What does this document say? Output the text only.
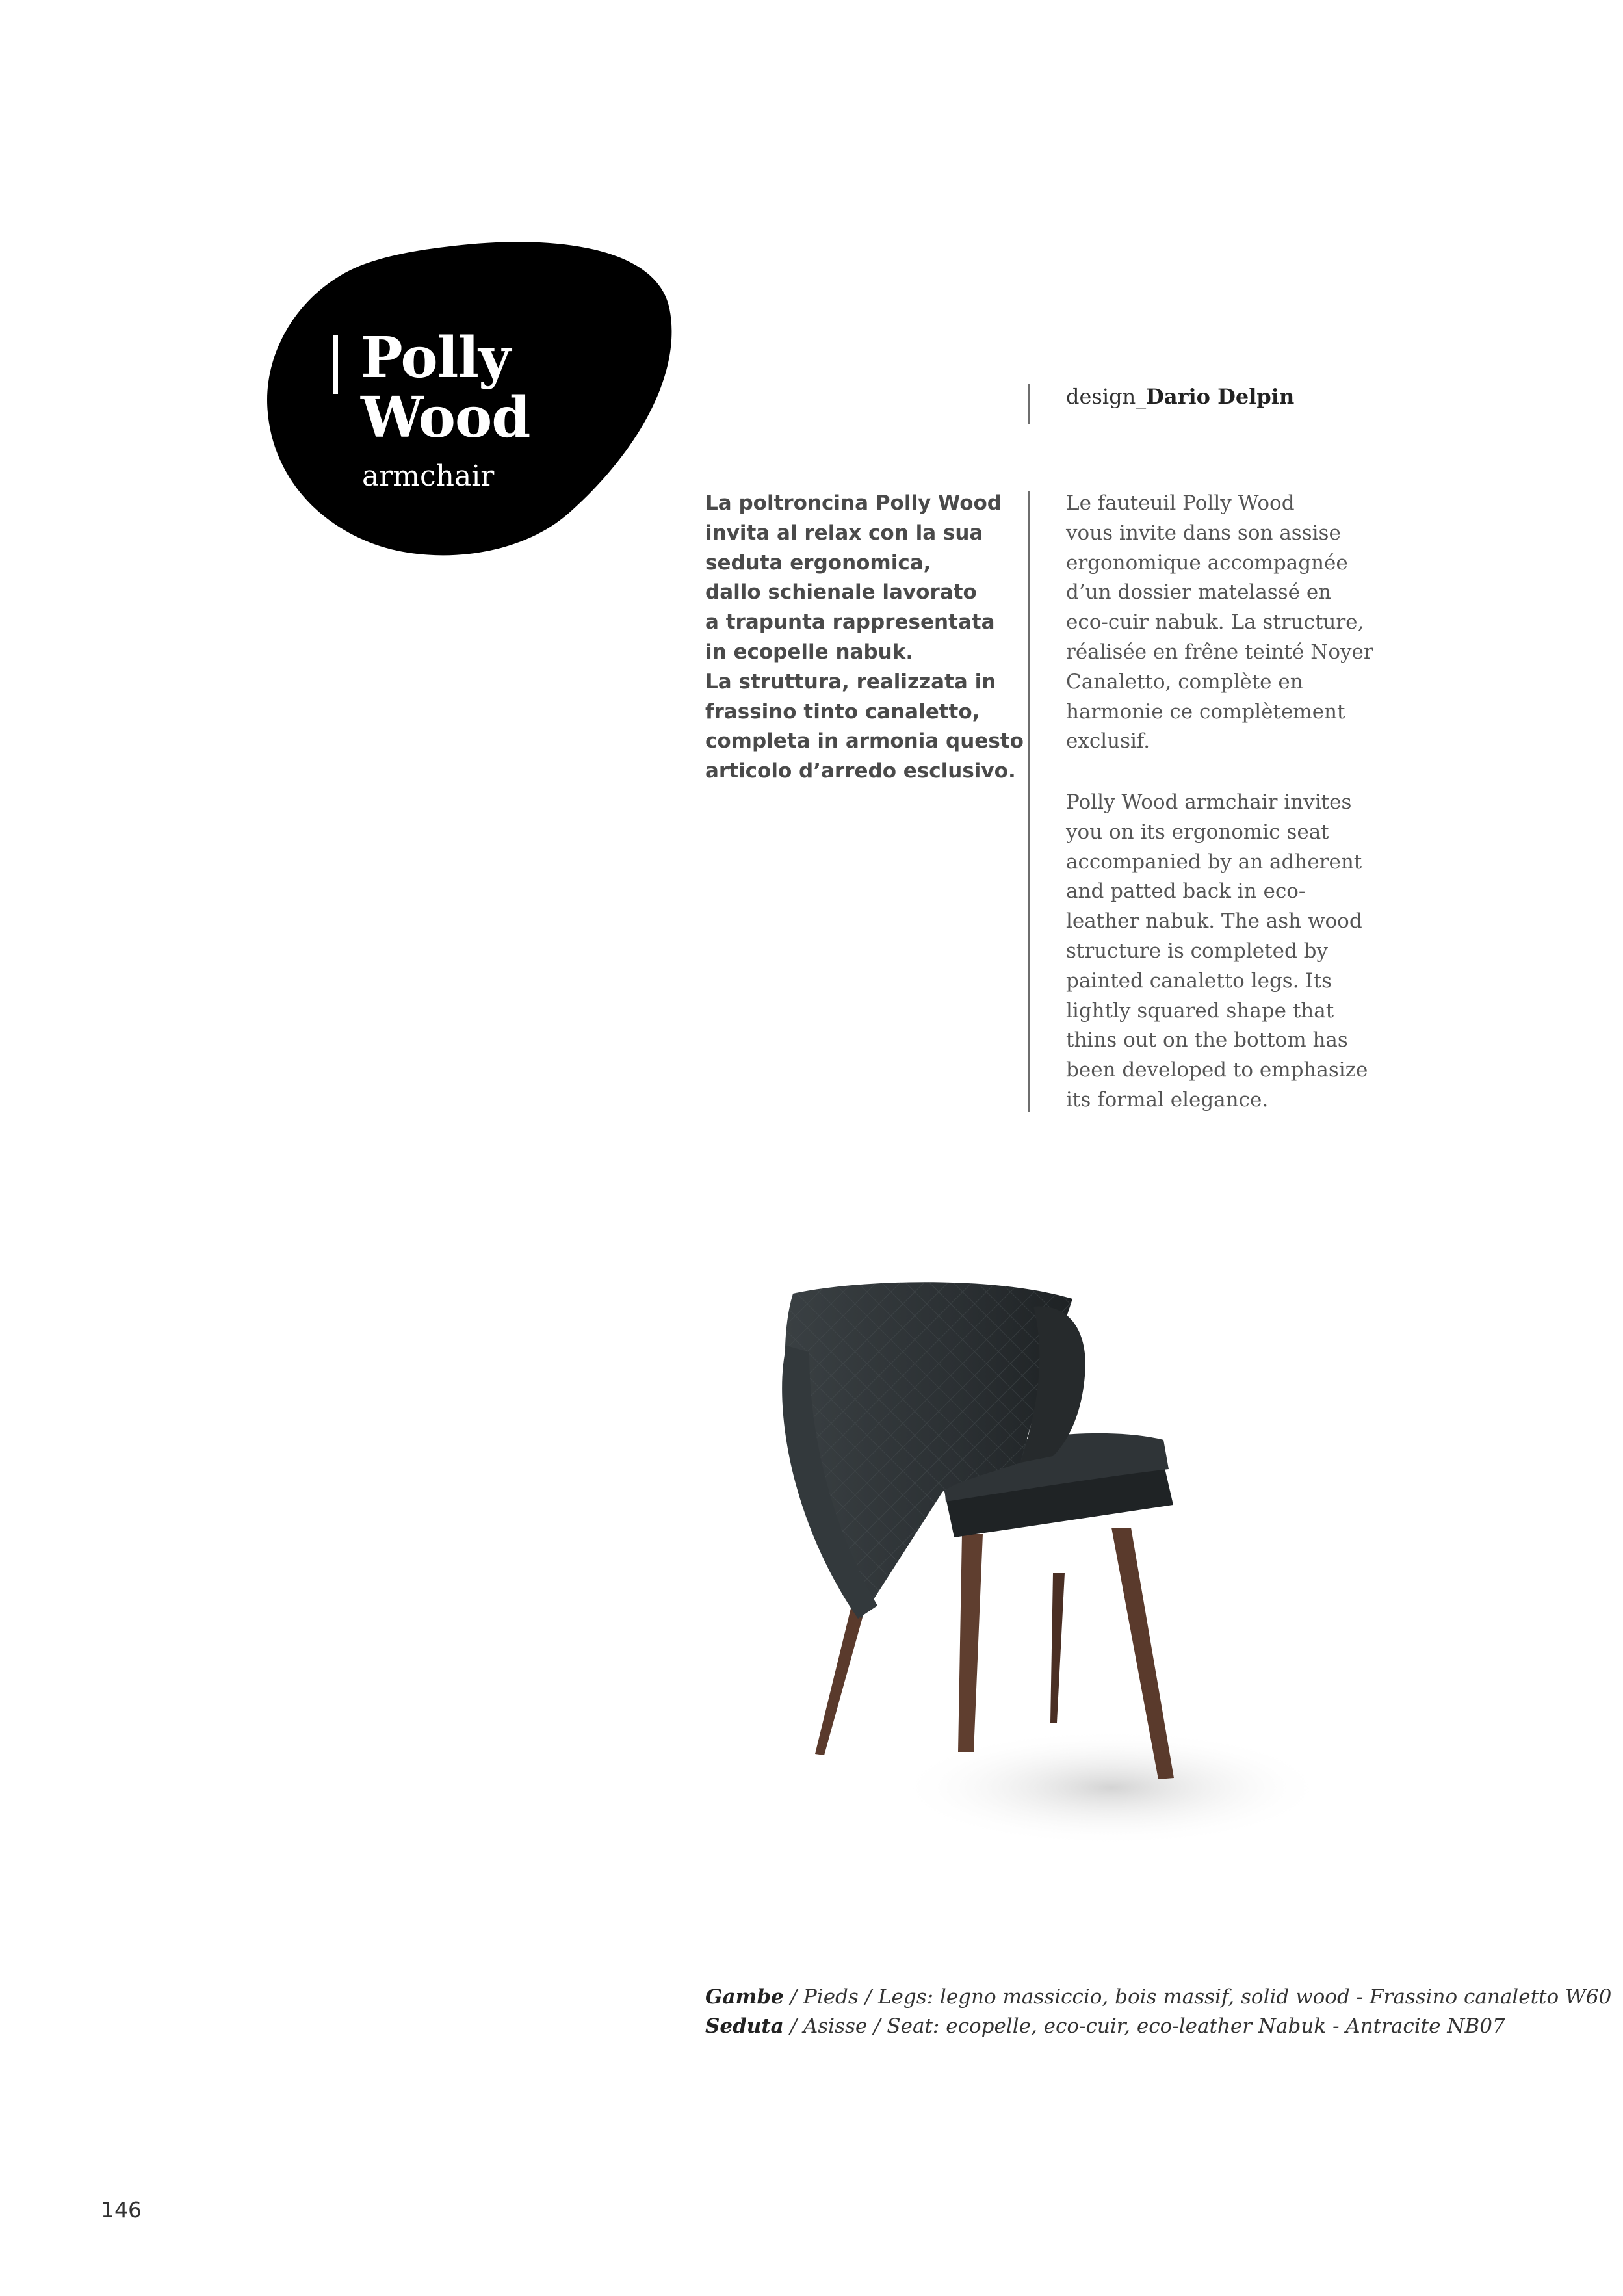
Polly
Wood
armchair
design_Dario Delpin
La poltroncina Polly Wood
invita al relax con la sua
seduta ergonomica,
dallo schienale lavorato
a trapunta rappresentata
in ecopelle nabuk.
La struttura, realizzata in
frassino tinto canaletto,
completa in armonia questo
articolo d’arredo esclusivo.
Le fauteuil Polly Wood
vous invite dans son assise
ergonomique accompagnée
d’un dossier matelassé en
eco-cuir nabuk. La structure,
réalisée en frêne teinté Noyer
Canaletto, complète en
harmonie ce complètement
exclusif.
Polly Wood armchair invites
you on its ergonomic seat
accompanied by an adherent
and patted back in eco-
leather nabuk. The ash wood
structure is completed by
painted canaletto legs. Its
lightly squared shape that
thins out on the bottom has
been developed to emphasize
its formal elegance.
Gambe / Pieds / Legs: legno massiccio, bois massif, solid wood - Frassino canaletto W60
Seduta / Asisse / Seat: ecopelle, eco-cuir, eco-leather Nabuk - Antracite NB07
146
